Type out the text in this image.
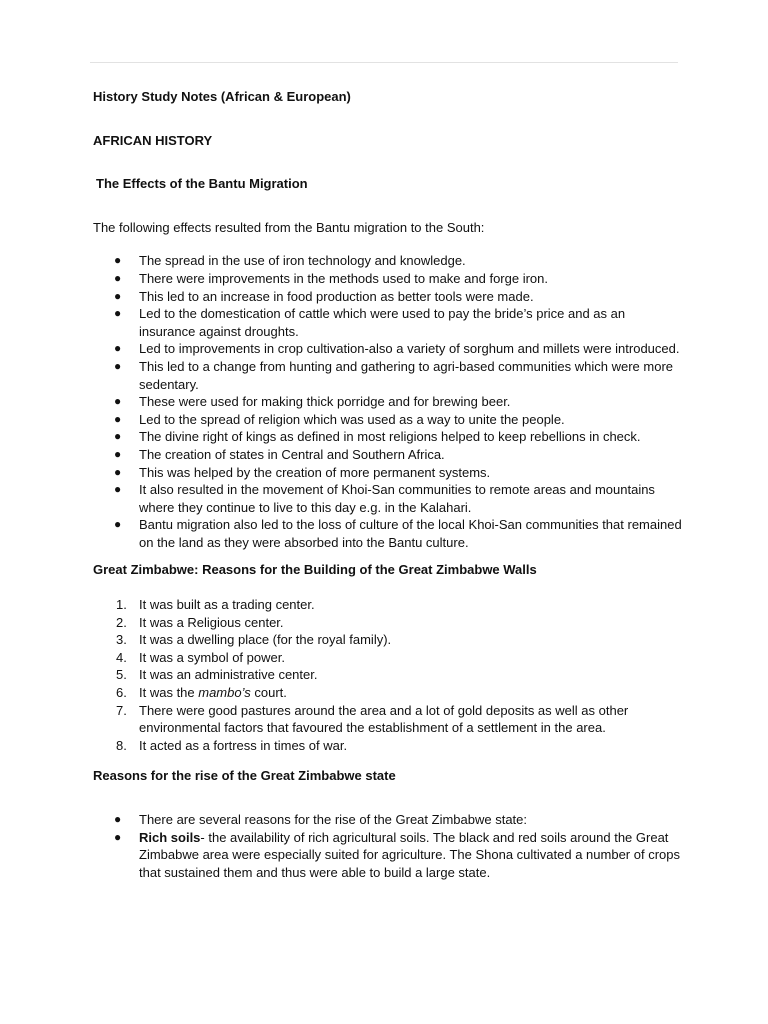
History Study Notes (African & European)
AFRICAN HISTORY
The Effects of the Bantu Migration
The following effects resulted from the Bantu migration to the South:
● The spread in the use of iron technology and knowledge.
● There were improvements in the methods used to make and forge iron.
● This led to an increase in food production as better tools were made.
● Led to the domestication of cattle which were used to pay the bride’s price and as an insurance against droughts.
● Led to improvements in crop cultivation-also a variety of sorghum and millets were introduced.
● This led to a change from hunting and gathering to agri-based communities which were more sedentary.
● These were used for making thick porridge and for brewing beer.
● Led to the spread of religion which was used as a way to unite the people.
● The divine right of kings as defined in most religions helped to keep rebellions in check.
● The creation of states in Central and Southern Africa.
● This was helped by the creation of more permanent systems.
● It also resulted in the movement of Khoi-San communities to remote areas and mountains where they continue to live to this day e.g. in the Kalahari.
● Bantu migration also led to the loss of culture of the local Khoi-San communities that remained on the land as they were absorbed into the Bantu culture.
Great Zimbabwe: Reasons for the Building of the Great Zimbabwe Walls
1. It was built as a trading center.
2. It was a Religious center.
3. It was a dwelling place (for the royal family).
4. It was a symbol of power.
5. It was an administrative center.
6. It was the mambo’s court.
7. There were good pastures around the area and a lot of gold deposits as well as other environmental factors that favoured the establishment of a settlement in the area.
8. It acted as a fortress in times of war.
Reasons for the rise of the Great Zimbabwe state
● There are several reasons for the rise of the Great Zimbabwe state:
● Rich soils- the availability of rich agricultural soils. The black and red soils around the Great Zimbabwe area were especially suited for agriculture. The Shona cultivated a number of crops that sustained them and thus were able to build a large state.
